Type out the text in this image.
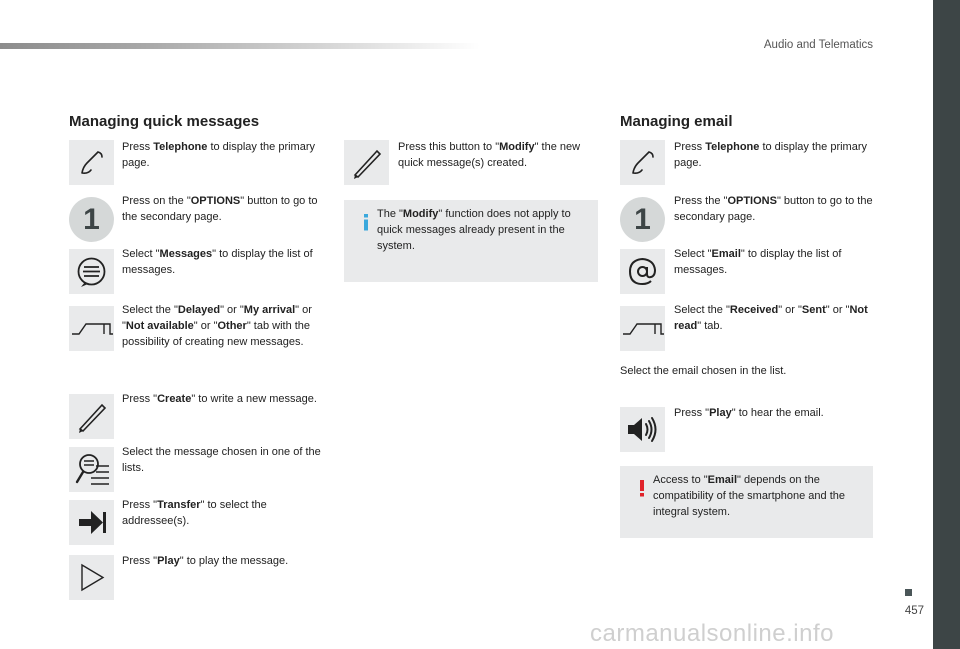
Audio and Telematics
457
carmanualsonline.info
Managing quick messages
Press Telephone to display the primary page.
1
Press on the "OPTIONS" button to go to the secondary page.
Select "Messages" to display the list of messages.
Select the "Delayed" or "My arrival" or "Not available" or "Other" tab with the possibility of creating new messages.
Press "Create" to write a new message.
Select the message chosen in one of the lists.
Press "Transfer" to select the addressee(s).
Press "Play" to play the message.
Press this button to "Modify" the new quick message(s) created.
The "Modify" function does not apply to quick messages already present in the system.
Managing email
Press Telephone to display the primary page.
1
Press the "OPTIONS" button to go to the secondary page.
Select "Email" to display the list of messages.
Select the "Received" or "Sent" or "Not read" tab.
Select the email chosen in the list.
Press "Play" to hear the email.
Access to "Email" depends on the compatibility of the smartphone and the integral system.
